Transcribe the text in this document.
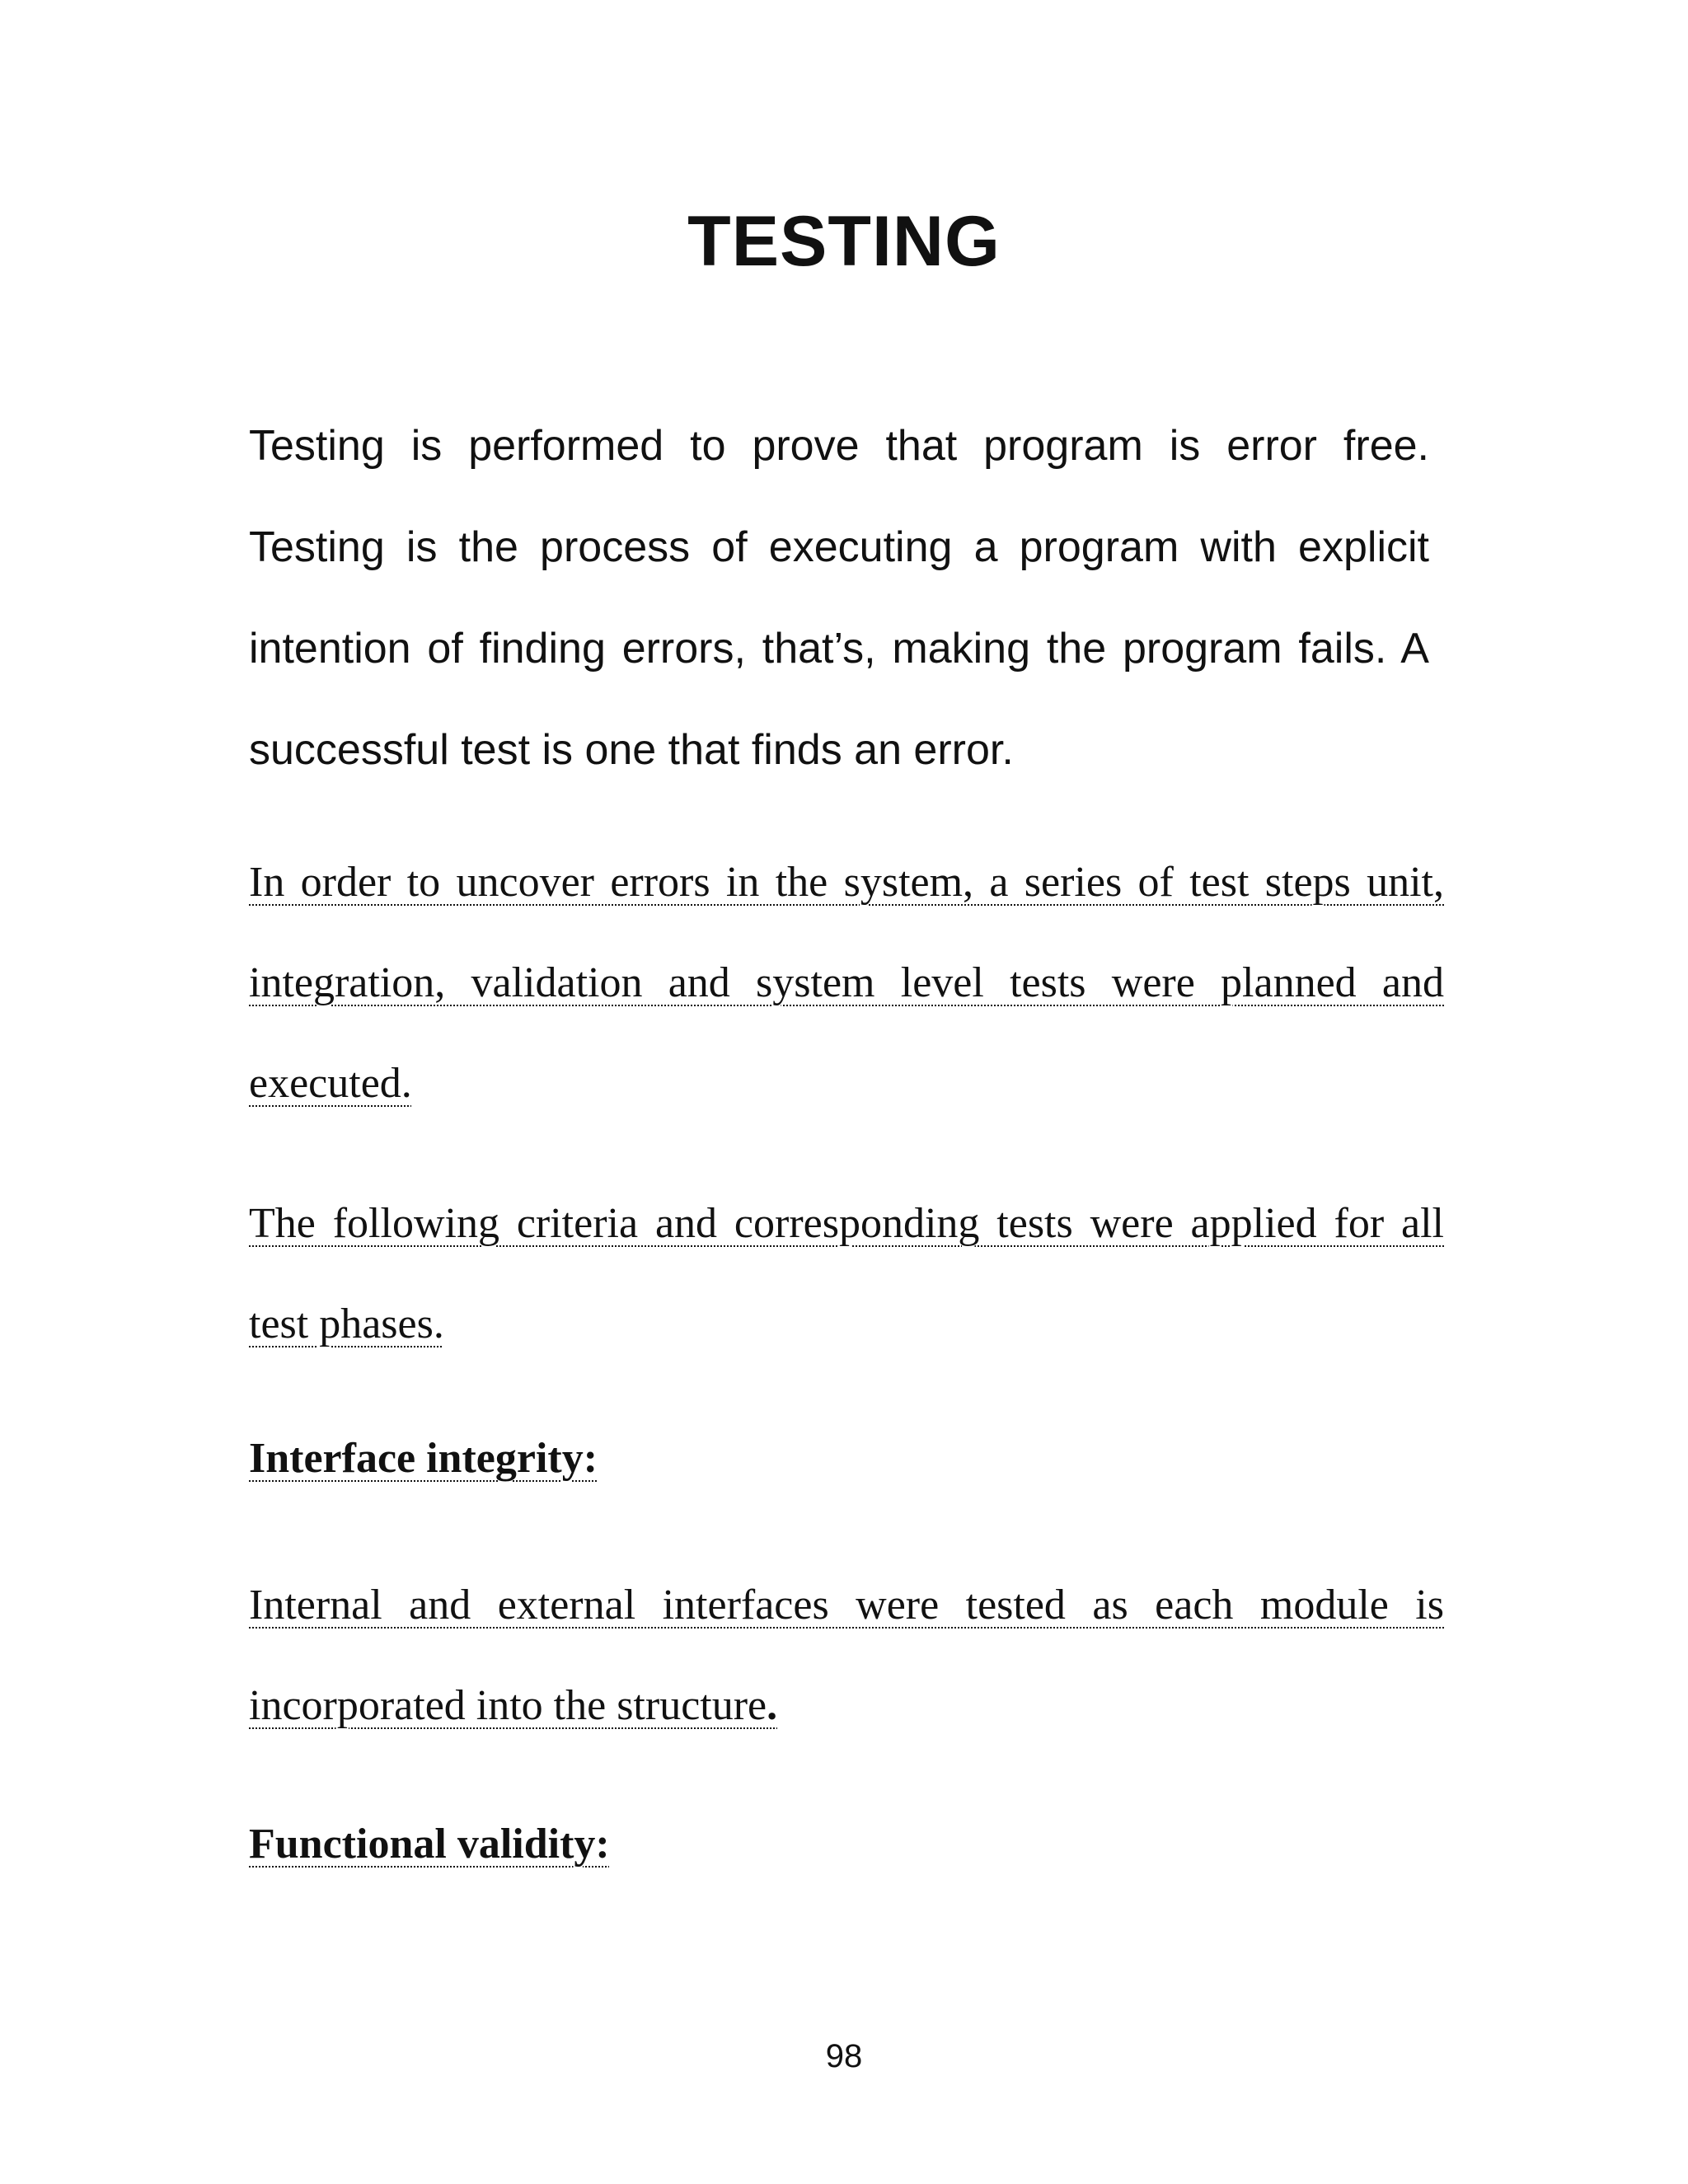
TESTING

Testing is performed to prove that program is error free. Testing is the process of executing a program with explicit intention of finding errors, that’s, making the program fails. A successful test is one that finds an error.

In order to uncover errors in the system, a series of test steps unit, integration, validation and system level tests were planned and executed.

The following criteria and corresponding tests were applied for all test phases.

Interface integrity:

Internal and external interfaces were tested as each module is incorporated into the structure.

Functional validity:

98
